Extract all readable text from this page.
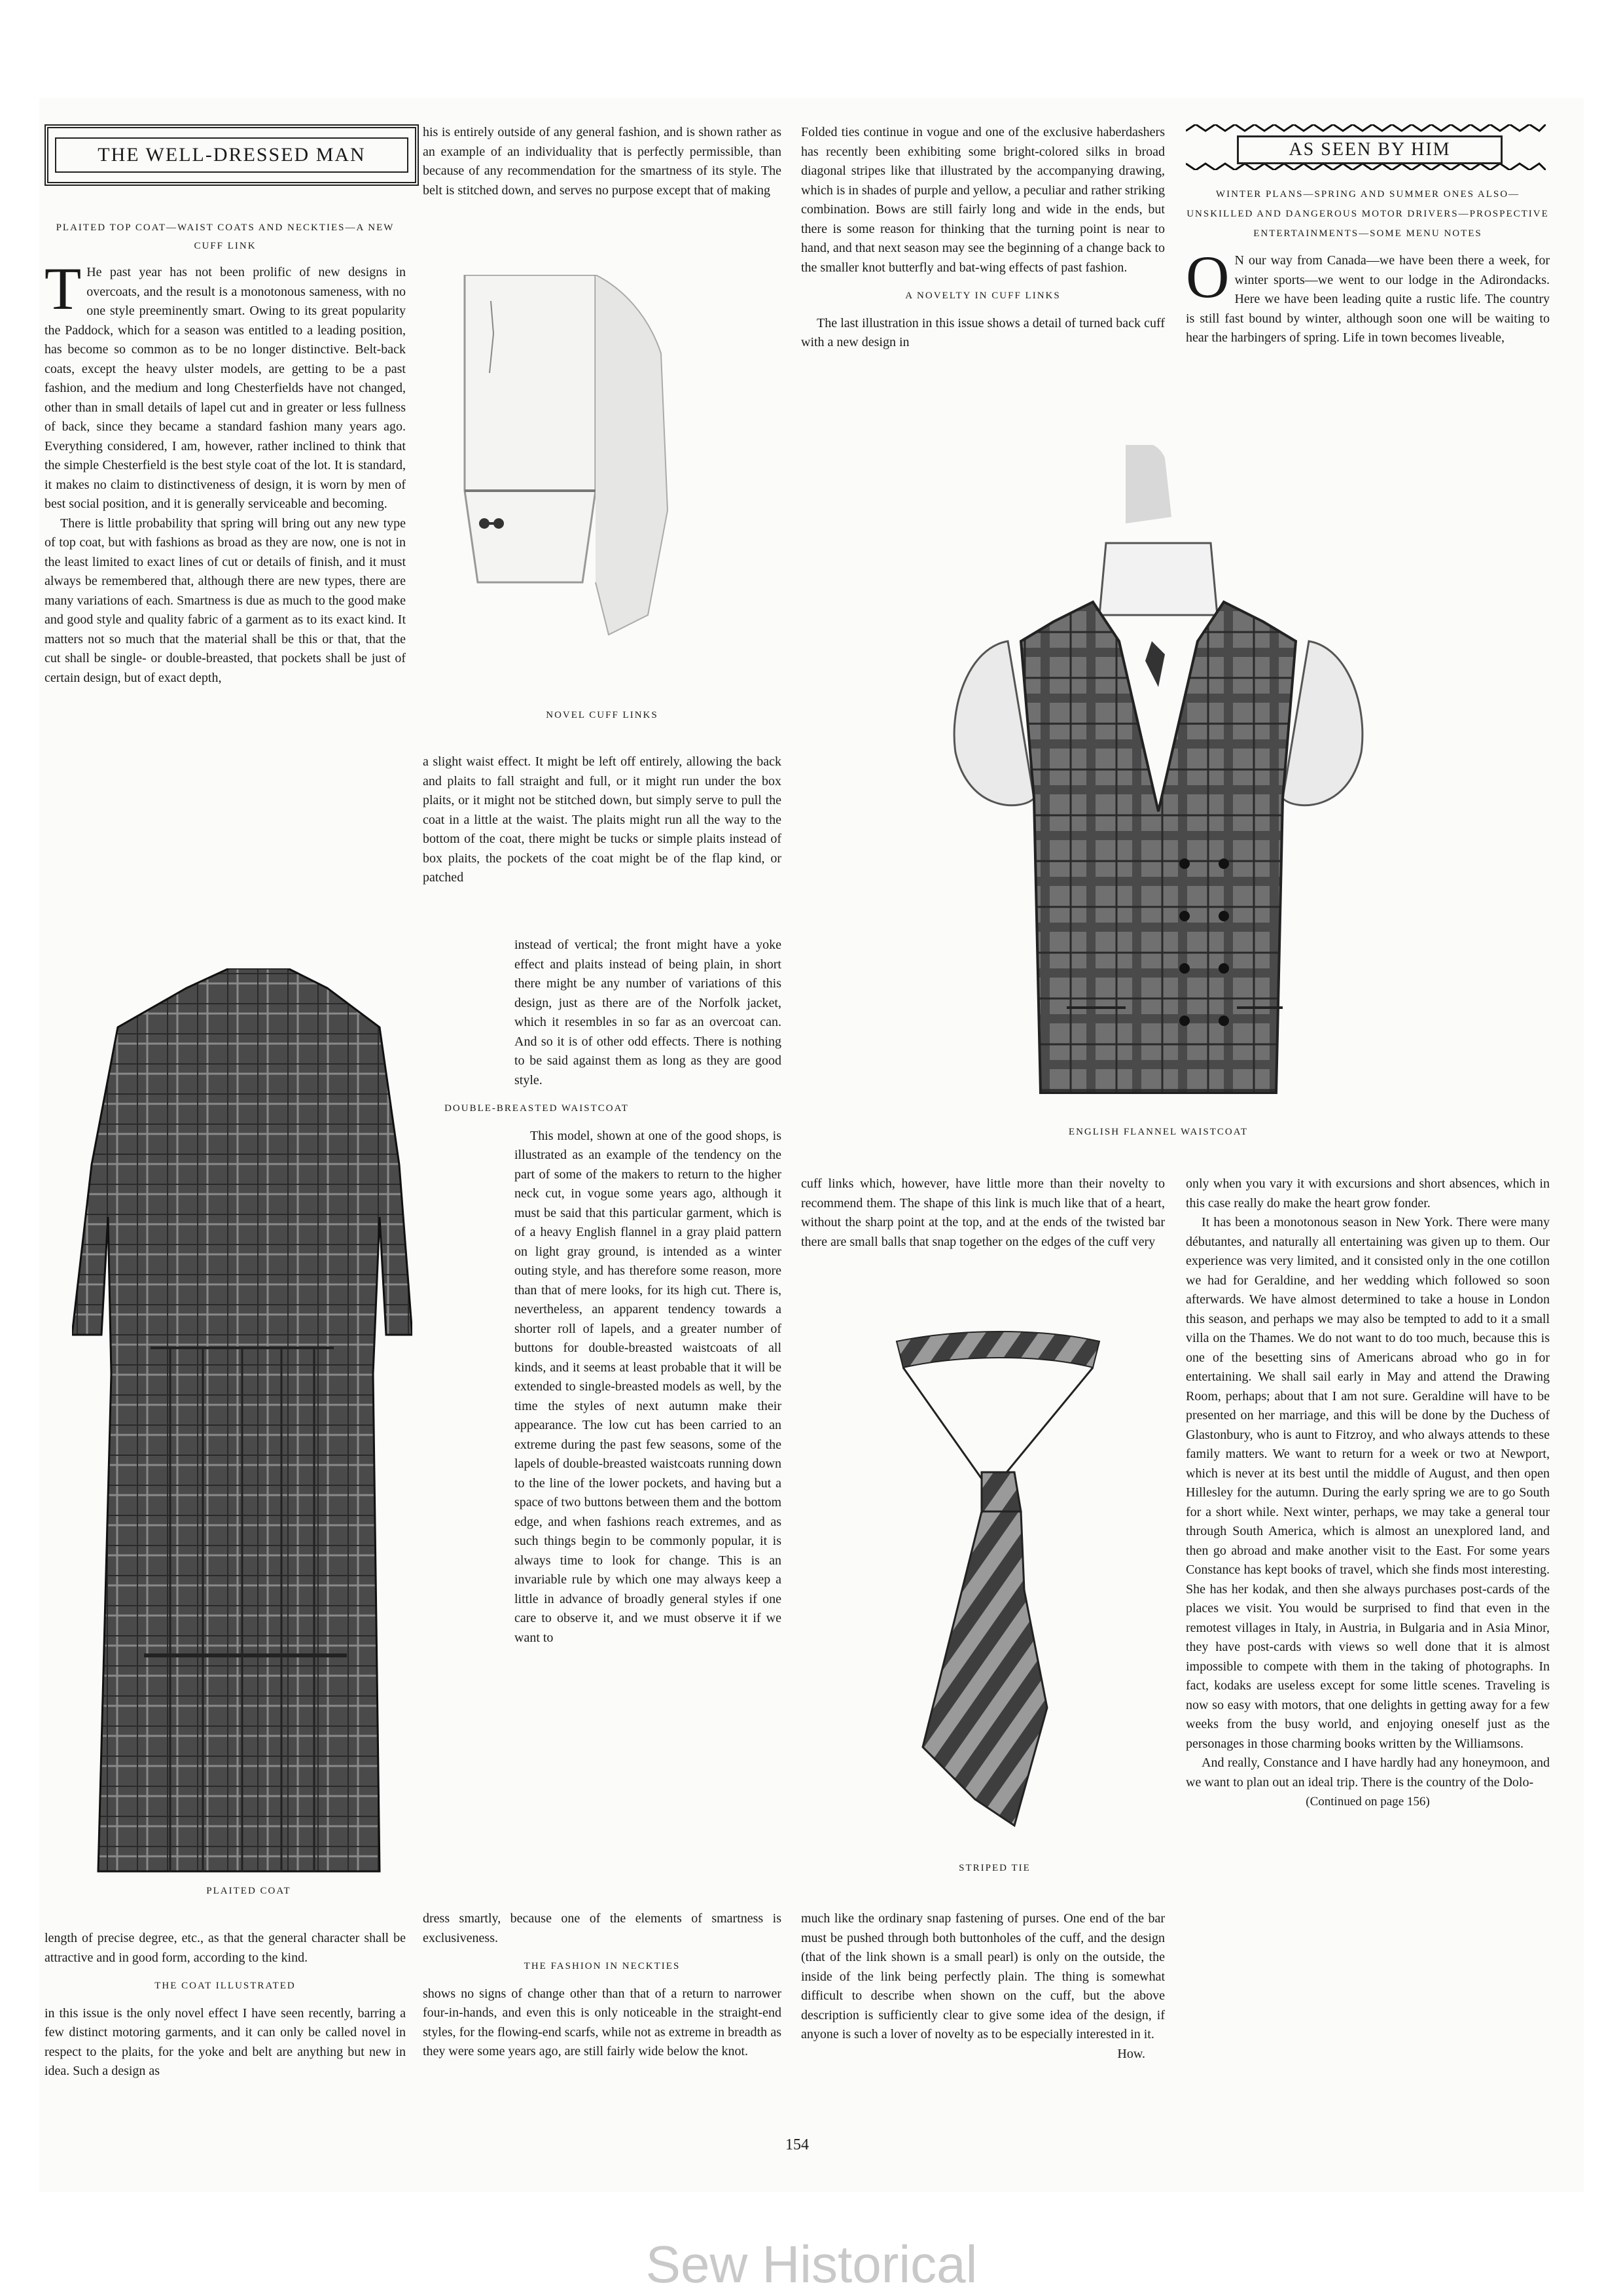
THE WELL-DRESSED MAN
PLAITED TOP COAT—WAIST COATS AND NECKTIES—A NEW CUFF LINK

T He past year has not been prolific of new designs in overcoats, and the result is a monotonous sameness, with no one style preeminently smart. Owing to its great popularity the Paddock, which for a season was entitled to a leading position, has become so common as to be no longer distinctive. Belt-back coats, except the heavy ulster models, are getting to be a past fashion, and the medium and long Chesterfields have not changed, other than in small details of lapel cut and in greater or less fullness of back, since they became a standard fashion many years ago. Everything considered, I am, however, rather inclined to think that the simple Chesterfield is the best style coat of the lot. It is standard, it makes no claim to distinctiveness of design, it is worn by men of best social position, and it is generally serviceable and becoming.

There is little probability that spring will bring out any new type of top coat, but with fashions as broad as they are now, one is not in the least limited to exact lines of cut or details of finish, and it must always be remembered that, although there are new types, there are many variations of each. Smartness is due as much to the good make and good style and quality fabric of a garment as to its exact kind. It matters not so much that the material shall be this or that, that the cut shall be single- or double-breasted, that pockets shall be just of certain design, but of exact depth,

PLAITED COAT

length of precise degree, etc., as that the general character shall be attractive and in good form, according to the kind.

THE COAT ILLUSTRATED

in this issue is the only novel effect I have seen recently, barring a few distinct motoring garments, and it can only be called novel in respect to the plaits, for the yoke and belt are anything but new in idea. Such a design as

his is entirely outside of any general fashion, and is shown rather as an example of an individuality that is perfectly permissible, than because of any recommendation for the smartness of its style. The belt is stitched down, and serves no purpose except that of making

NOVEL CUFF LINKS

a slight waist effect. It might be left off entirely, allowing the back and plaits to fall straight and full, or it might run under the box plaits, or it might not be stitched down, but simply serve to pull the coat in a little at the waist. The plaits might run all the way to the bottom of the coat, there might be tucks or simple plaits instead of box plaits, the pockets of the coat might be of the flap kind, or patched

instead of vertical; the front might have a yoke effect and plaits instead of being plain, in short there might be any number of variations of this design, just as there are of the Norfolk jacket, which it resembles in so far as an overcoat can. And so it is of other odd effects. There is nothing to be said against them as long as they are good style.

DOUBLE-BREASTED WAISTCOAT

This model, shown at one of the good shops, is illustrated as an example of the tendency on the part of some of the makers to return to the higher neck cut, in vogue some years ago, although it must be said that this particular garment, which is of a heavy English flannel in a gray plaid pattern on light gray ground, is intended as a winter outing style, and has therefore some reason, more than that of mere looks, for its high cut. There is, nevertheless, an apparent tendency towards a shorter roll of lapels, and a greater number of buttons for double-breasted waistcoats of all kinds, and it seems at least probable that it will be extended to single-breasted models as well, by the time the styles of next autumn make their appearance. The low cut has been carried to an extreme during the past few seasons, some of the lapels of double-breasted waistcoats running down to the line of the lower pockets, and having but a space of two buttons between them and the bottom edge, and when fashions reach extremes, and as such things begin to be commonly popular, it is always time to look for change. This is an invariable rule by which one may always keep a little in advance of broadly general styles if one care to observe it, and we must observe it if we want to

dress smartly, because one of the elements of smartness is exclusiveness.

THE FASHION IN NECKTIES

shows no signs of change other than that of a return to narrower four-in-hands, and even this is only noticeable in the straight-end styles, for the flowing-end scarfs, while not as extreme in breadth as they were some years ago, are still fairly wide below the knot.

Folded ties continue in vogue and one of the exclusive haberdashers has recently been exhibiting some bright-colored silks in broad diagonal stripes like that illustrated by the accompanying drawing, which is in shades of purple and yellow, a peculiar and rather striking combination. Bows are still fairly long and wide in the ends, but there is some reason for thinking that the turning point is near to hand, and that next season may see the beginning of a change back to the smaller knot butterfly and bat-wing effects of past fashion.

A NOVELTY IN CUFF LINKS

The last illustration in this issue shows a detail of turned back cuff with a new design in

ENGLISH FLANNEL WAISTCOAT

cuff links which, however, have little more than their novelty to recommend them. The shape of this link is much like that of a heart, without the sharp point at the top, and at the ends of the twisted bar there are small balls that snap together on the edges of the cuff very

STRIPED TIE

much like the ordinary snap fastening of purses. One end of the bar must be pushed through both buttonholes of the cuff, and the design (that of the link shown is a small pearl) is only on the outside, the inside of the link being perfectly plain. The thing is somewhat difficult to describe when shown on the cuff, but the above description is sufficiently clear to give some idea of the design, if anyone is such a lover of novelty as to be especially interested in it.

How.
AS SEEN BY HIM
WINTER PLANS—SPRING AND SUMMER ONES ALSO—UNSKILLED AND DANGEROUS MOTOR DRIVERS—PROSPECTIVE ENTERTAINMENTS—SOME MENU NOTES

O N our way from Canada—we have been there a week, for winter sports—we went to our lodge in the Adirondacks. Here we have been leading quite a rustic life. The country is still fast bound by winter, although soon one will be waiting to hear the harbingers of spring. Life in town becomes liveable,

only when you vary it with excursions and short absences, which in this case really do make the heart grow fonder.

It has been a monotonous season in New York. There were many débutantes, and naturally all entertaining was given up to them. Our experience was very limited, and it consisted only in the one cotillon we had for Geraldine, and her wedding which followed so soon afterwards. We have almost determined to take a house in London this season, and perhaps we may also be tempted to add to it a small villa on the Thames. We do not want to do too much, because this is one of the besetting sins of Americans abroad who go in for entertaining. We shall sail early in May and attend the Drawing Room, perhaps; about that I am not sure. Geraldine will have to be presented on her marriage, and this will be done by the Duchess of Glastonbury, who is aunt to Fitzroy, and who always attends to these family matters. We want to return for a week or two at Newport, which is never at its best until the middle of August, and then open Hillesley for the autumn. During the early spring we are to go South for a short while. Next winter, perhaps, we may take a general tour through South America, which is almost an unexplored land, and then go abroad and make another visit to the East. For some years Constance has kept books of travel, which she finds most interesting. She has her kodak, and then she always purchases post-cards of the places we visit. You would be surprised to find that even in the remotest villages in Italy, in Austria, in Bulgaria and in Asia Minor, they have post-cards with views so well done that it is almost impossible to compete with them in the taking of photographs. In fact, kodaks are useless except for some little scenes. Traveling is now so easy with motors, that one delights in getting away for a few weeks from the busy world, and enjoying oneself just as the personages in those charming books written by the Williamsons.

And really, Constance and I have hardly had any honeymoon, and we want to plan out an ideal trip. There is the country of the Dolo-

(Continued on page 156)
154
Sew Historical
